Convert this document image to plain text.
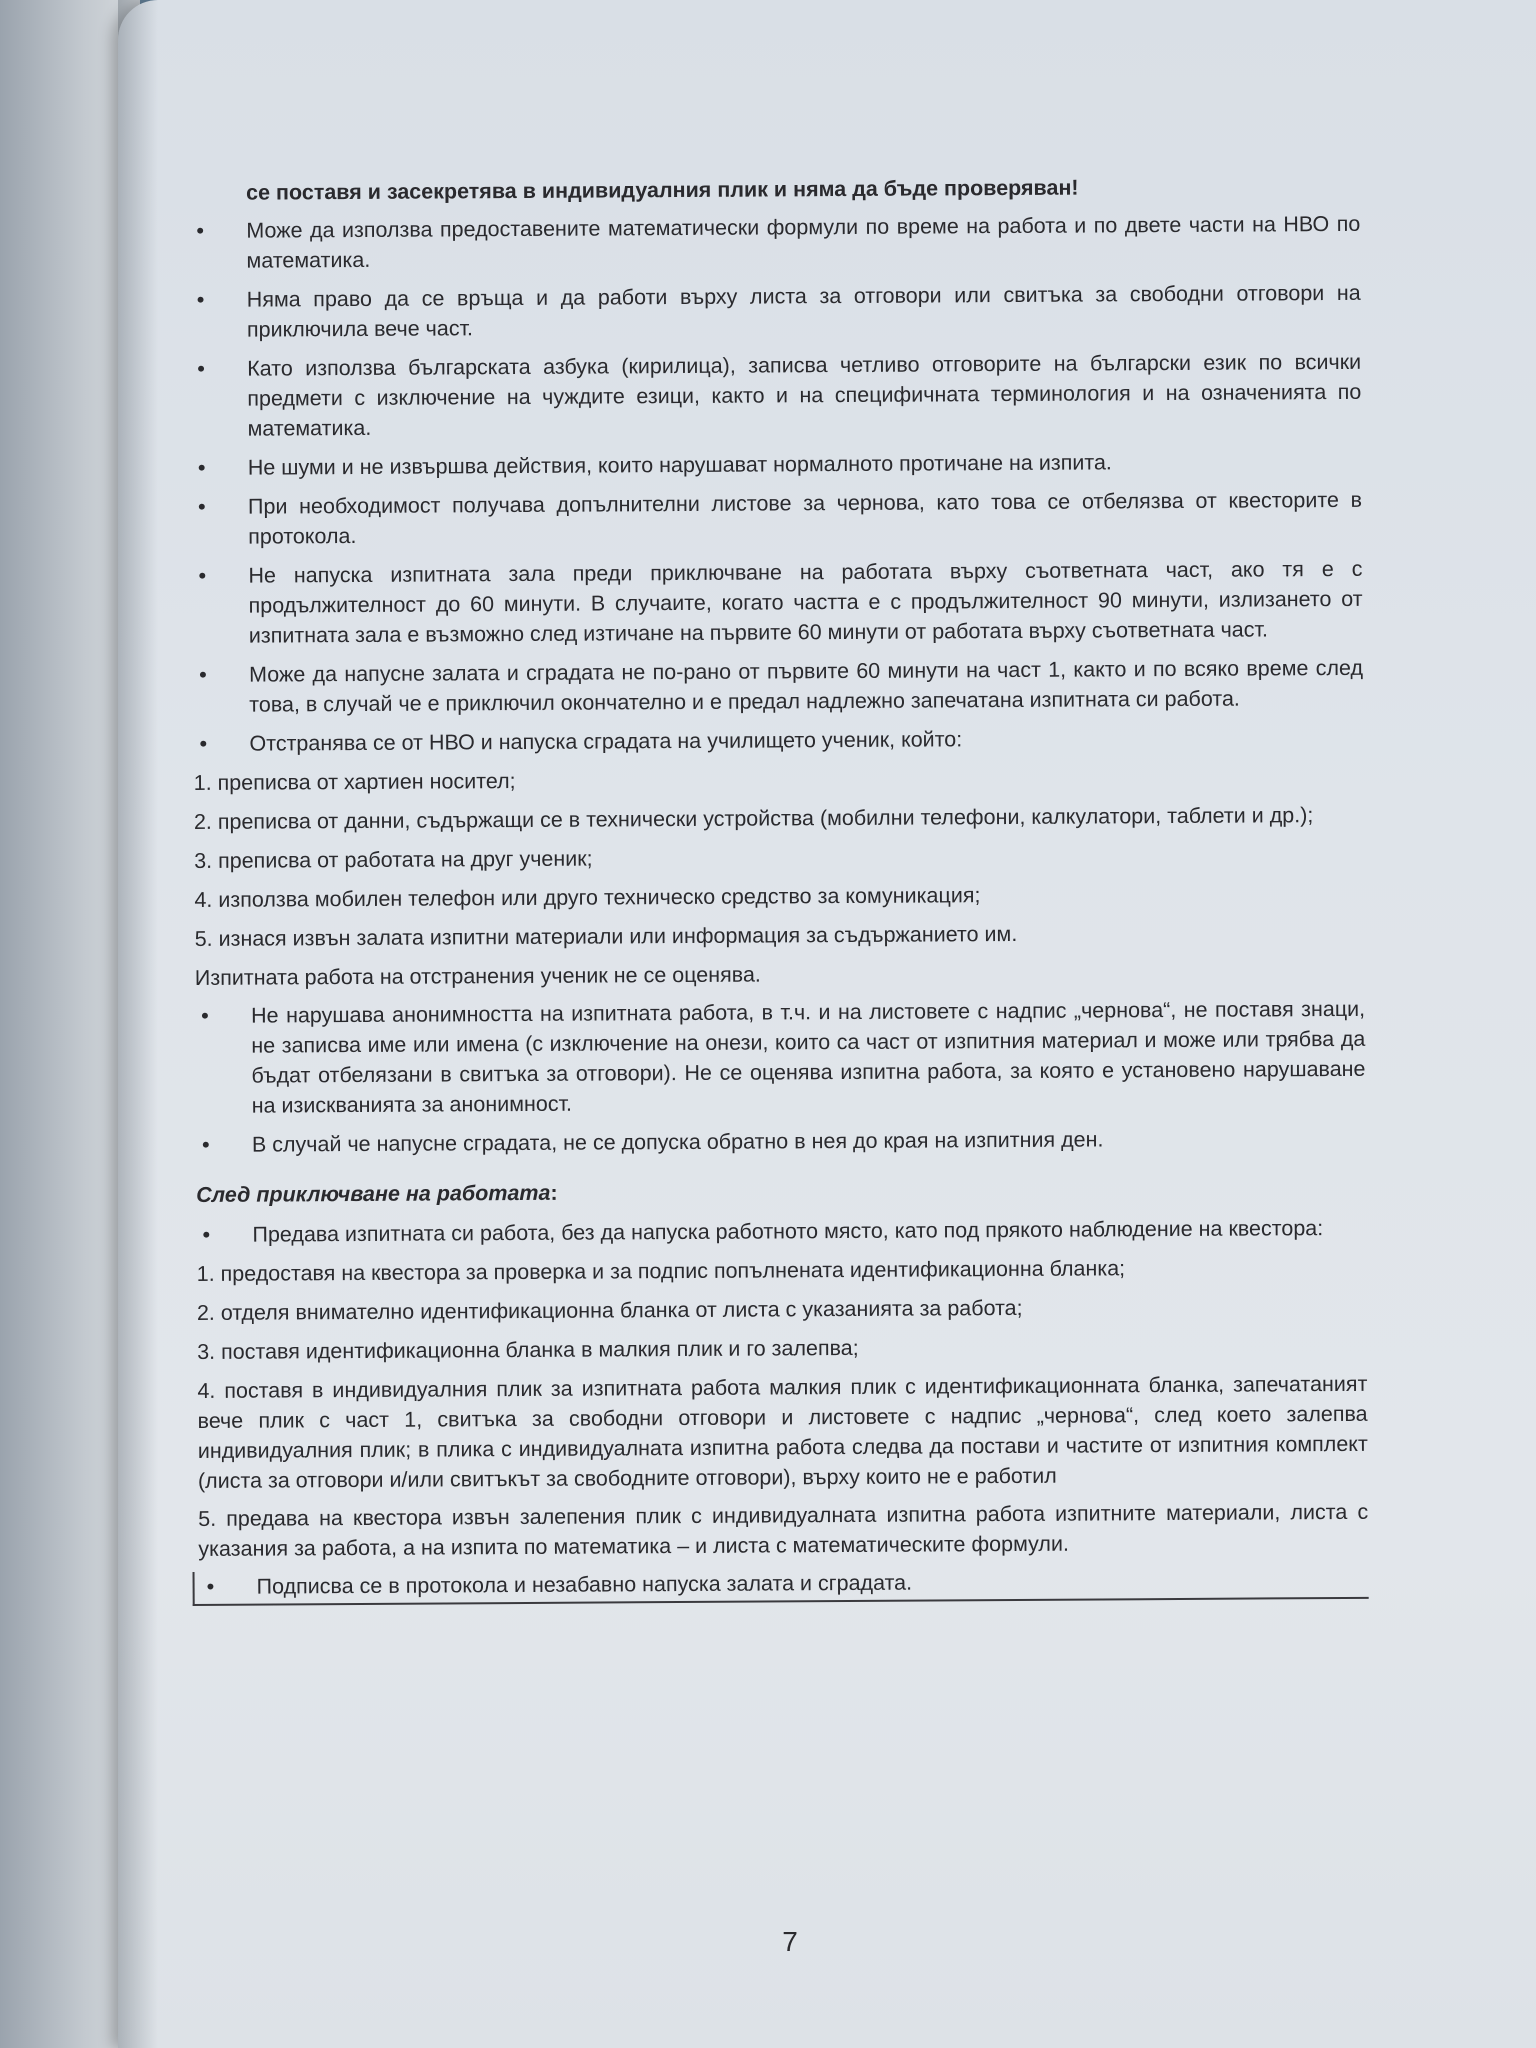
се поставя и засекретява в индивидуалния плик и няма да бъде проверяван!

• Може да използва предоставените математически формули по време на работа и по двете части на НВО по математика.
• Няма право да се връща и да работи върху листа за отговори или свитъка за свободни отговори на приключила вече част.
• Като използва българската азбука (кирилица), записва четливо отговорите на български език по всички предмети с изключение на чуждите езици, както и на специфичната терминология и на означенията по математика.
• Не шуми и не извършва действия, които нарушават нормалното протичане на изпита.
• При необходимост получава допълнителни листове за чернова, като това се отбелязва от квесторите в протокола.
• Не напуска изпитната зала преди приключване на работата върху съответната част, ако тя е с продължителност до 60 минути. В случаите, когато частта е с продължителност 90 минути, излизането от изпитната зала е възможно след изтичане на първите 60 минути от работата върху съответната част.
• Може да напусне залата и сградата не по-рано от първите 60 минути на част 1, както и по всяко време след това, в случай че е приключил окончателно и е предал надлежно запечатана изпитната си работа.
• Отстранява се от НВО и напуска сградата на училището ученик, който:

1. преписва от хартиен носител;

2. преписва от данни, съдържащи се в технически устройства (мобилни телефони, калкулатори, таблети и др.);

3. преписва от работата на друг ученик;

4. използва мобилен телефон или друго техническо средство за комуникация;

5. изнася извън залата изпитни материали или информация за съдържанието им.

Изпитната работа на отстранения ученик не се оценява.

• Не нарушава анонимността на изпитната работа, в т.ч. и на листовете с надпис „чернова“, не поставя знаци, не записва име или имена (с изключение на онези, които са част от изпитния материал и може или трябва да бъдат отбелязани в свитъка за отговори). Не се оценява изпитна работа, за която е установено нарушаване на изискванията за анонимност.
• В случай че напусне сградата, не се допуска обратно в нея до края на изпитния ден.

След приключване на работата:

• Предава изпитната си работа, без да напуска работното място, като под прякото наблюдение на квестора:

1. предоставя на квестора за проверка и за подпис попълнената идентификационна бланка;

2. отделя внимателно идентификационна бланка от листа с указанията за работа;

3. поставя идентификационна бланка в малкия плик и го залепва;

4. поставя в индивидуалния плик за изпитната работа малкия плик с идентификационната бланка, запечатаният вече плик с част 1, свитъка за свободни отговори и листовете с надпис „чернова“, след което залепва индивидуалния плик; в плика с индивидуалната изпитна работа следва да постави и частите от изпитния комплект (листа за отговори и/или свитъкът за свободните отговори), върху които не е работил

5. предава на квестора извън залепения плик с индивидуалната изпитна работа изпитните материали, листа с указания за работа, а на изпита по математика – и листа с математическите формули.

• Подписва се в протокола и незабавно напуска залата и сградата.
7
